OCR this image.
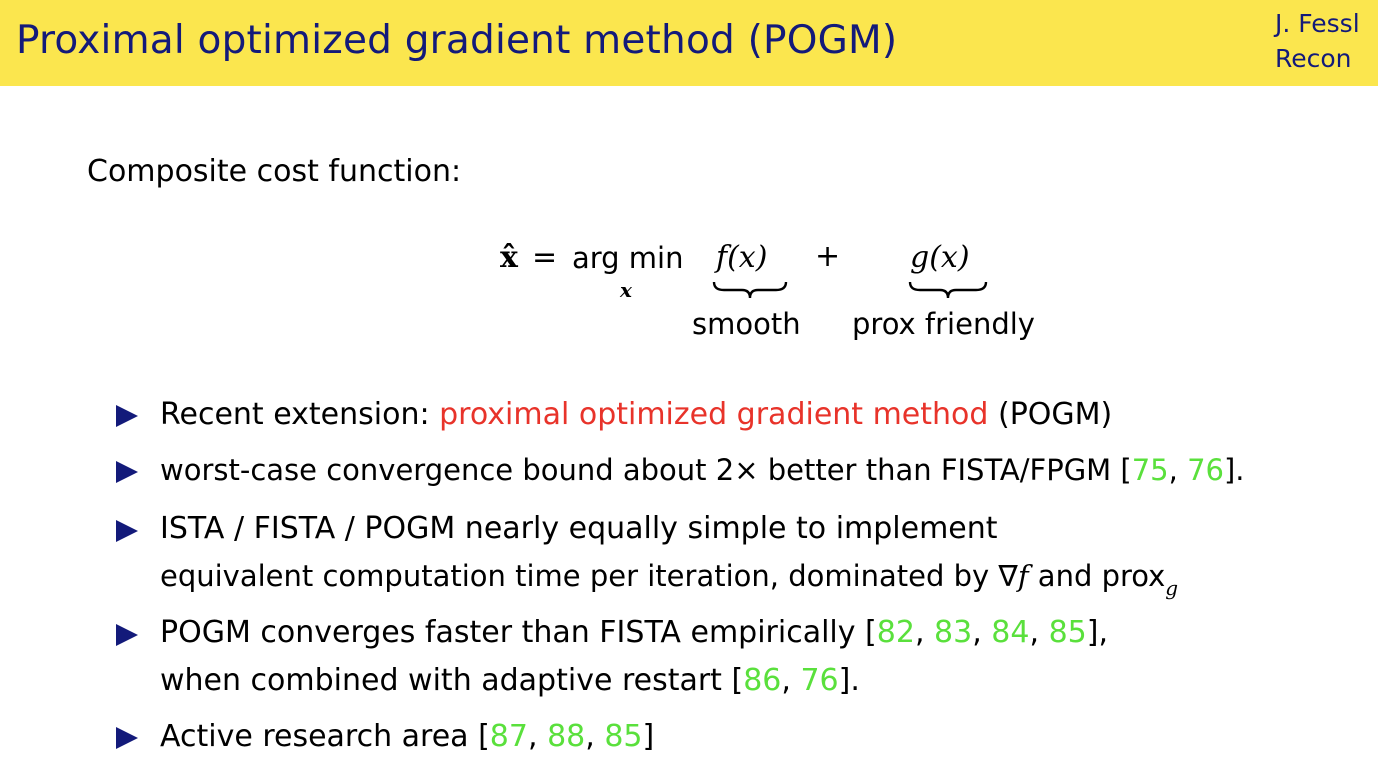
Proximal optimized gradient method (POGM)	J. Fessl
Recon
Composite cost function:
x̂ = arg min
x
f(x) + g(x)
smooth prox friendly
Recent extension: proximal optimized gradient method (POGM)
worst-case convergence bound about 2× better than FISTA/FPGM [75, 76].
ISTA / FISTA / POGM nearly equally simple to implement
equivalent computation time per iteration, dominated by ∇f and prox$_g$
POGM converges faster than FISTA empirically [82, 83, 84, 85],
when combined with adaptive restart [86, 76].
Active research area [87, 88, 85]
